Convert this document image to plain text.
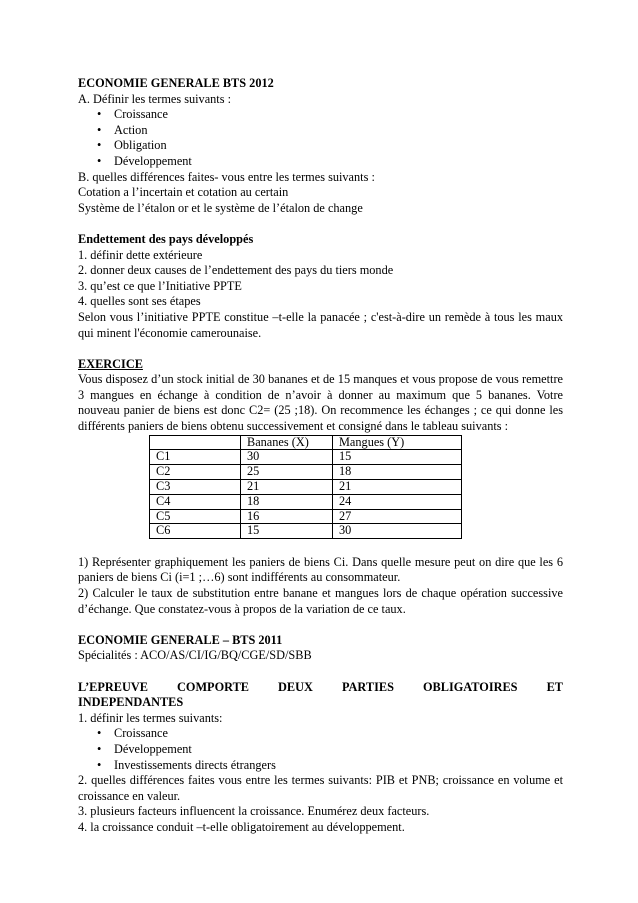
ECONOMIE GENERALE BTS 2012

A. Définir les termes suivants :

• Croissance
• Action
• Obligation
• Développement

B. quelles différences faites- vous entre les termes suivants :

Cotation a l’incertain et cotation au certain

Système de l’étalon or et le système de l’étalon de change

Endettement des pays développés

1. définir dette extérieure

2. donner deux causes de l’endettement des pays du tiers monde

3. qu’est ce que l’Initiative PPTE

4. quelles sont ses étapes

Selon vous l’initiative PPTE constitue –t-elle la panacée ; c'est-à-dire un remède à tous les maux qui minent l'économie camerounaise.

EXERCICE

Vous disposez d’un stock initial de 30 bananes et de 15 manques et vous propose de vous remettre 3 mangues en échange à condition de n’avoir à donner au maximum que 5 bananes. Votre nouveau panier de biens est donc C2= (25 ;18). On recommence les échanges ; ce qui donne les différents paniers de biens obtenu successivement et consigné dans le tableau suivants :

	Bananes (X)	Mangues (Y)
C1	30	15
C2	25	18
C3	21	21
C4	18	24
C5	16	27
C6	15	30

1) Représenter graphiquement les paniers de biens Ci. Dans quelle mesure peut on dire que les 6 paniers de biens Ci (i=1 ;…6) sont indifférents au consommateur.

2) Calculer le taux de substitution entre banane et mangues lors de chaque opération successive d’échange. Que constatez-vous à propos de la variation de ce taux.

ECONOMIE GENERALE – BTS 2011

Spécialités : ACO/AS/CI/IG/BQ/CGE/SD/SBB

L’EPREUVE COMPORTE DEUX PARTIES OBLIGATOIRES ET

INDEPENDANTES

1. définir les termes suivants:

• Croissance
• Développement
• Investissements directs étrangers

2. quelles différences faites vous entre les termes suivants: PIB et PNB; croissance en volume et croissance en valeur.

3. plusieurs facteurs influencent la croissance. Enumérez deux facteurs.

4. la croissance conduit –t-elle obligatoirement au développement.
